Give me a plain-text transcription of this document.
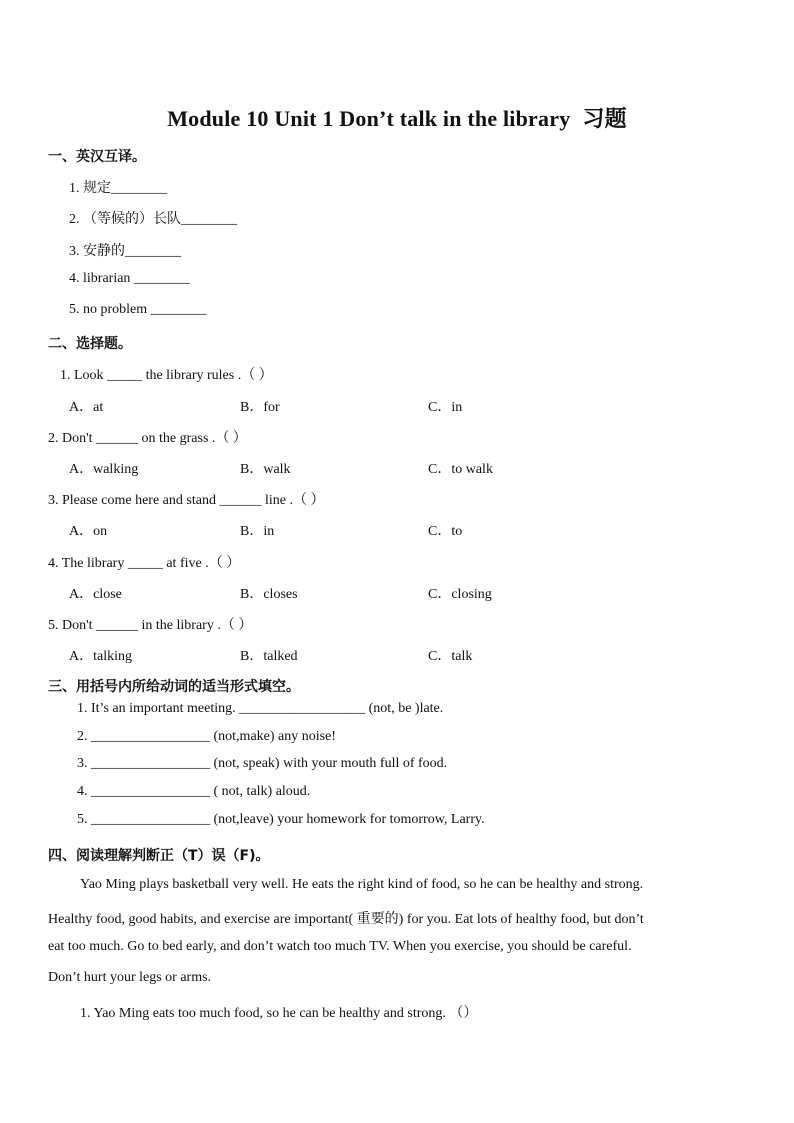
Module 10 Unit 1 Don’t talk in the library 习题
一、英汉互译。
1. 规定________
2. （等候的）长队________
3. 安静的________
4. librarian ________
5. no problem ________
二、选择题。
1. Look _____ the library rules .（ ）
A．at	B．for	C．in
2. Don't ______ on the grass .（ ）
A．walking	B．walk	C．to walk
3. Please come here and stand ______ line .（ ）
A．on	B．in	C．to
4. The library _____ at five .（ ）
A．close	B．closes	C．closing
5. Don't ______ in the library .（ ）
A．talking	B．talked	C．talk
三、用括号内所给动词的适当形式填空。
1. It’s an important meeting. __________________ (not, be )late.
2. _________________ (not,make) any noise!
3. _________________ (not, speak) with your mouth full of food.
4. _________________ ( not, talk) aloud.
5. _________________ (not,leave) your homework for tomorrow, Larry.
四、阅读理解判断正（T）误（F)。
Yao Ming plays basketball very well. He eats the right kind of food, so he can be healthy and strong.
Healthy food, good habits, and exercise are important( 重要的) for you. Eat lots of healthy food, but don’t
eat too much. Go to bed early, and don’t watch too much TV. When you exercise, you should be careful.
Don’t hurt your legs or arms.
1. Yao Ming eats too much food, so he can be healthy and strong. （）
